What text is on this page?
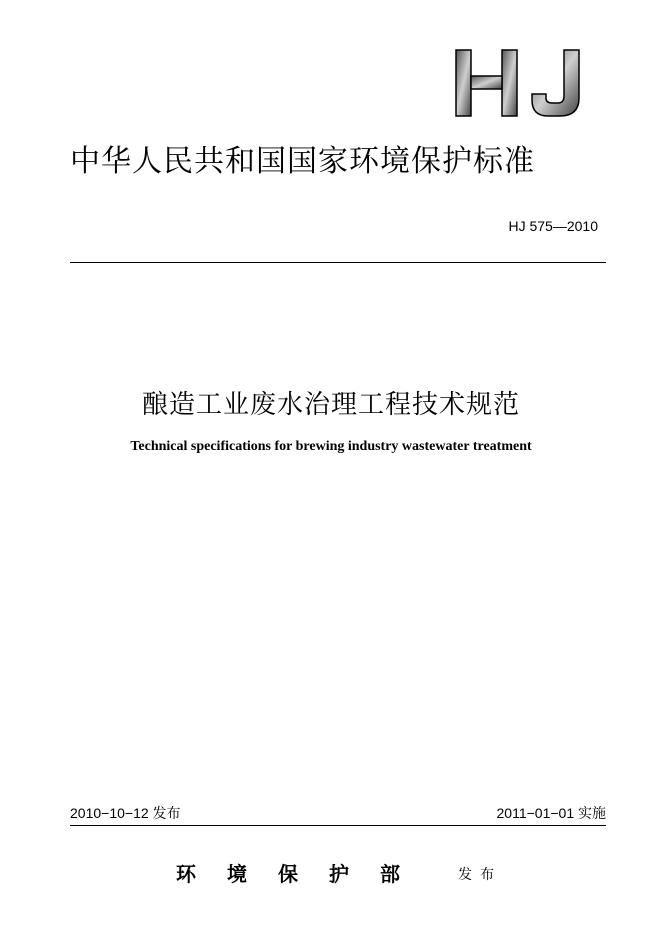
中华人民共和国国家环境保护标准
HJ 575—2010
酿造工业废水治理工程技术规范
Technical specifications for brewing industry wastewater treatment
2010−10−12 发布	2011−01−01 实施
环境保护部 发布
